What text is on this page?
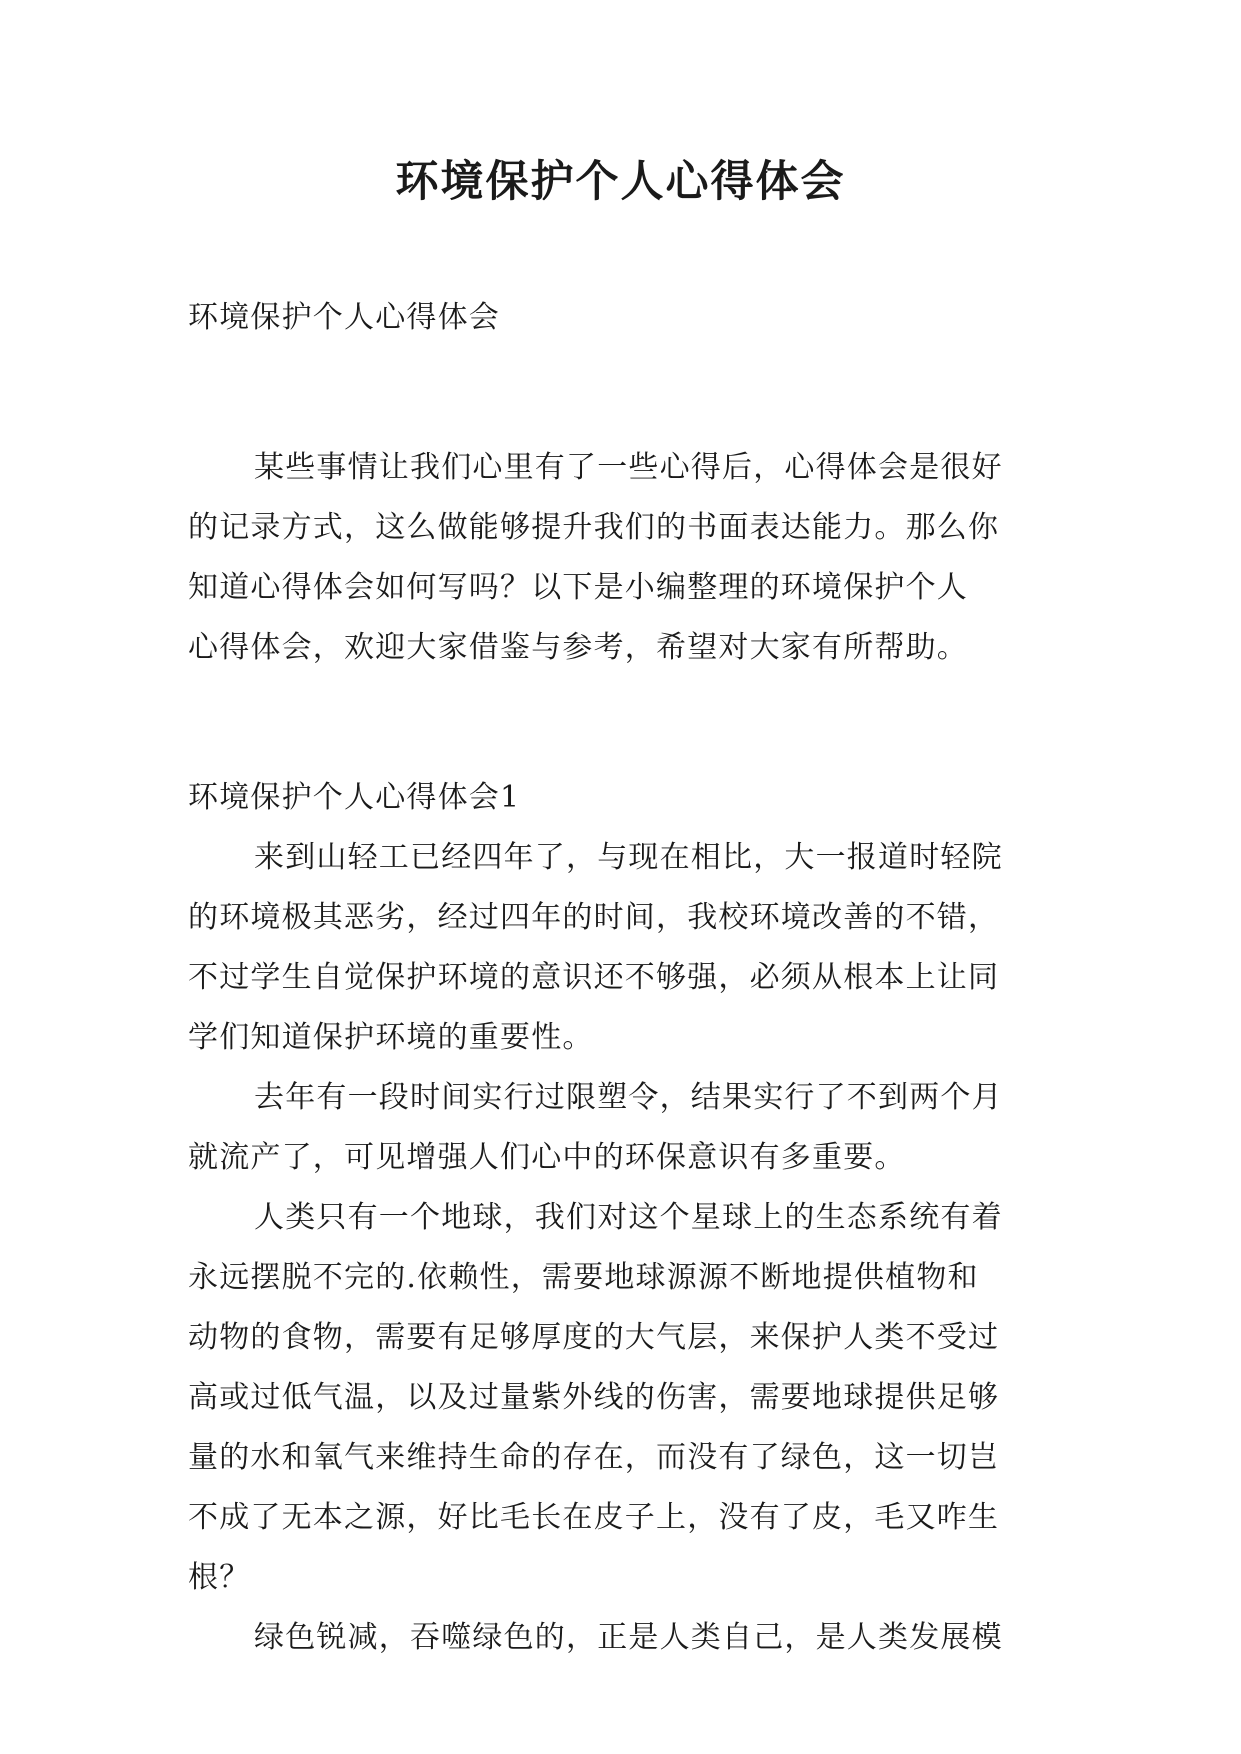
环境保护个人心得体会

环境保护个人心得体会

某些事情让我们心里有了一些心得后，心得体会是很好

的记录方式，这么做能够提升我们的书面表达能力。那么你

知道心得体会如何写吗？以下是小编整理的环境保护个人

心得体会，欢迎大家借鉴与参考，希望对大家有所帮助。

环境保护个人心得体会1

来到山轻工已经四年了，与现在相比，大一报道时轻院

的环境极其恶劣，经过四年的时间，我校环境改善的不错，

不过学生自觉保护环境的意识还不够强，必须从根本上让同

学们知道保护环境的重要性。

去年有一段时间实行过限塑令，结果实行了不到两个月

就流产了，可见增强人们心中的环保意识有多重要。

人类只有一个地球，我们对这个星球上的生态系统有着

永远摆脱不完的.依赖性，需要地球源源不断地提供植物和

动物的食物，需要有足够厚度的大气层，来保护人类不受过

高或过低气温，以及过量紫外线的伤害，需要地球提供足够

量的水和氧气来维持生命的存在，而没有了绿色，这一切岂

不成了无本之源，好比毛长在皮子上，没有了皮，毛又咋生

根？

绿色锐减，吞噬绿色的，正是人类自己，是人类发展模
